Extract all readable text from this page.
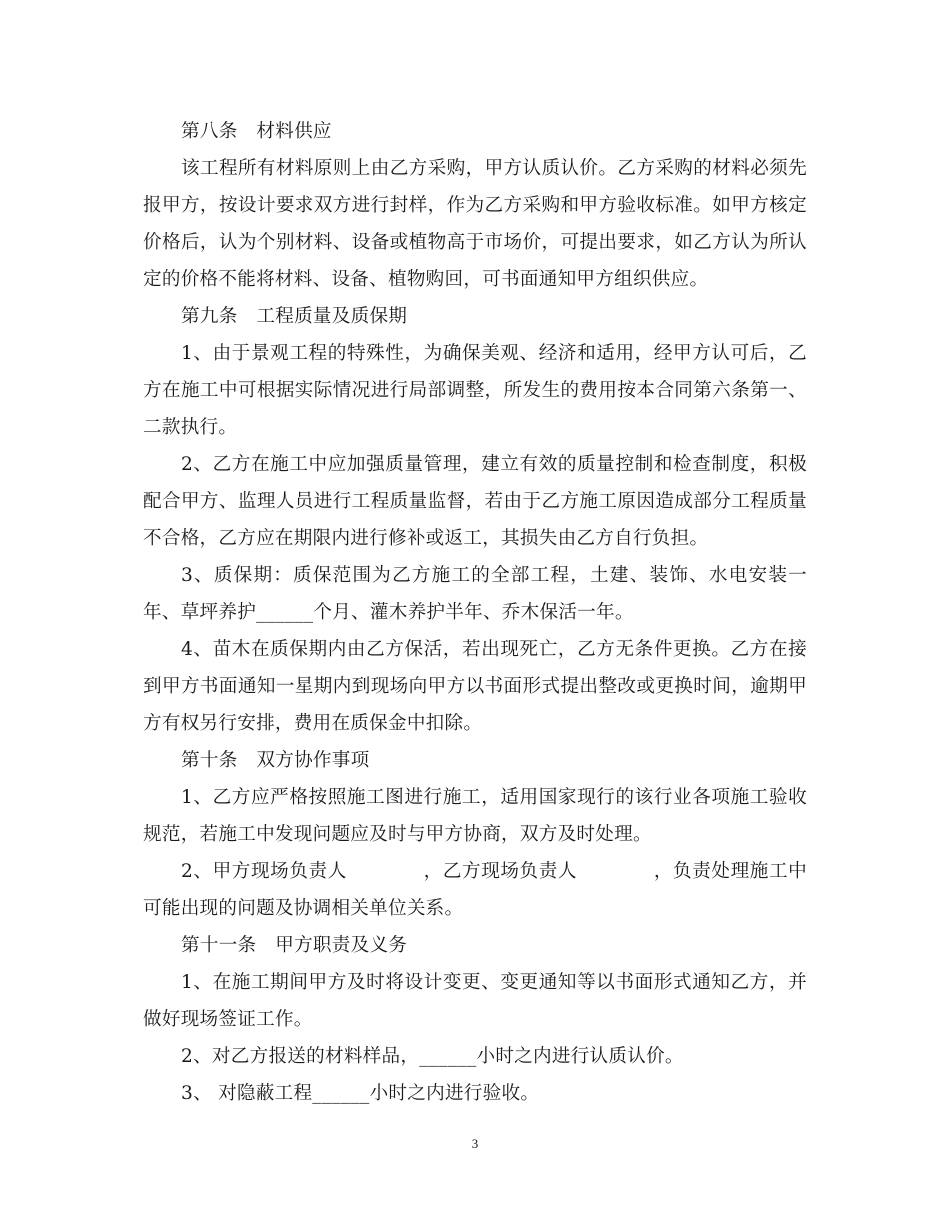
第八条　材料供应

该工程所有材料原则上由乙方采购，甲方认质认价。乙方采购的材料必须先报甲方，按设计要求双方进行封样，作为乙方采购和甲方验收标准。如甲方核定价格后，认为个别材料、设备或植物高于市场价，可提出要求，如乙方认为所认定的价格不能将材料、设备、植物购回，可书面通知甲方组织供应。

第九条　工程质量及质保期

1、由于景观工程的特殊性，为确保美观、经济和适用，经甲方认可后，乙方在施工中可根据实际情况进行局部调整，所发生的费用按本合同第六条第一、二款执行。

2、乙方在施工中应加强质量管理，建立有效的质量控制和检查制度，积极配合甲方、监理人员进行工程质量监督，若由于乙方施工原因造成部分工程质量不合格，乙方应在期限内进行修补或返工，其损失由乙方自行负担。

3、质保期：质保范围为乙方施工的全部工程，土建、装饰、水电安装一年、草坪养护______个月、灌木养护半年、乔木保活一年。

4、苗木在质保期内由乙方保活，若出现死亡，乙方无条件更换。乙方在接到甲方书面通知一星期内到现场向甲方以书面形式提出整改或更换时间，逾期甲方有权另行安排，费用在质保金中扣除。

第十条　双方协作事项

1、乙方应严格按照施工图进行施工，适用国家现行的该行业各项施工验收规范，若施工中发现问题应及时与甲方协商，双方及时处理。

2、甲方现场负责人　　　　，乙方现场负责人　　　　，负责处理施工中可能出现的问题及协调相关单位关系。

第十一条　甲方职责及义务

1、在施工期间甲方及时将设计变更、变更通知等以书面形式通知乙方，并做好现场签证工作。

2、对乙方报送的材料样品，______小时之内进行认质认价。

3、 对隐蔽工程______小时之内进行验收。

3
